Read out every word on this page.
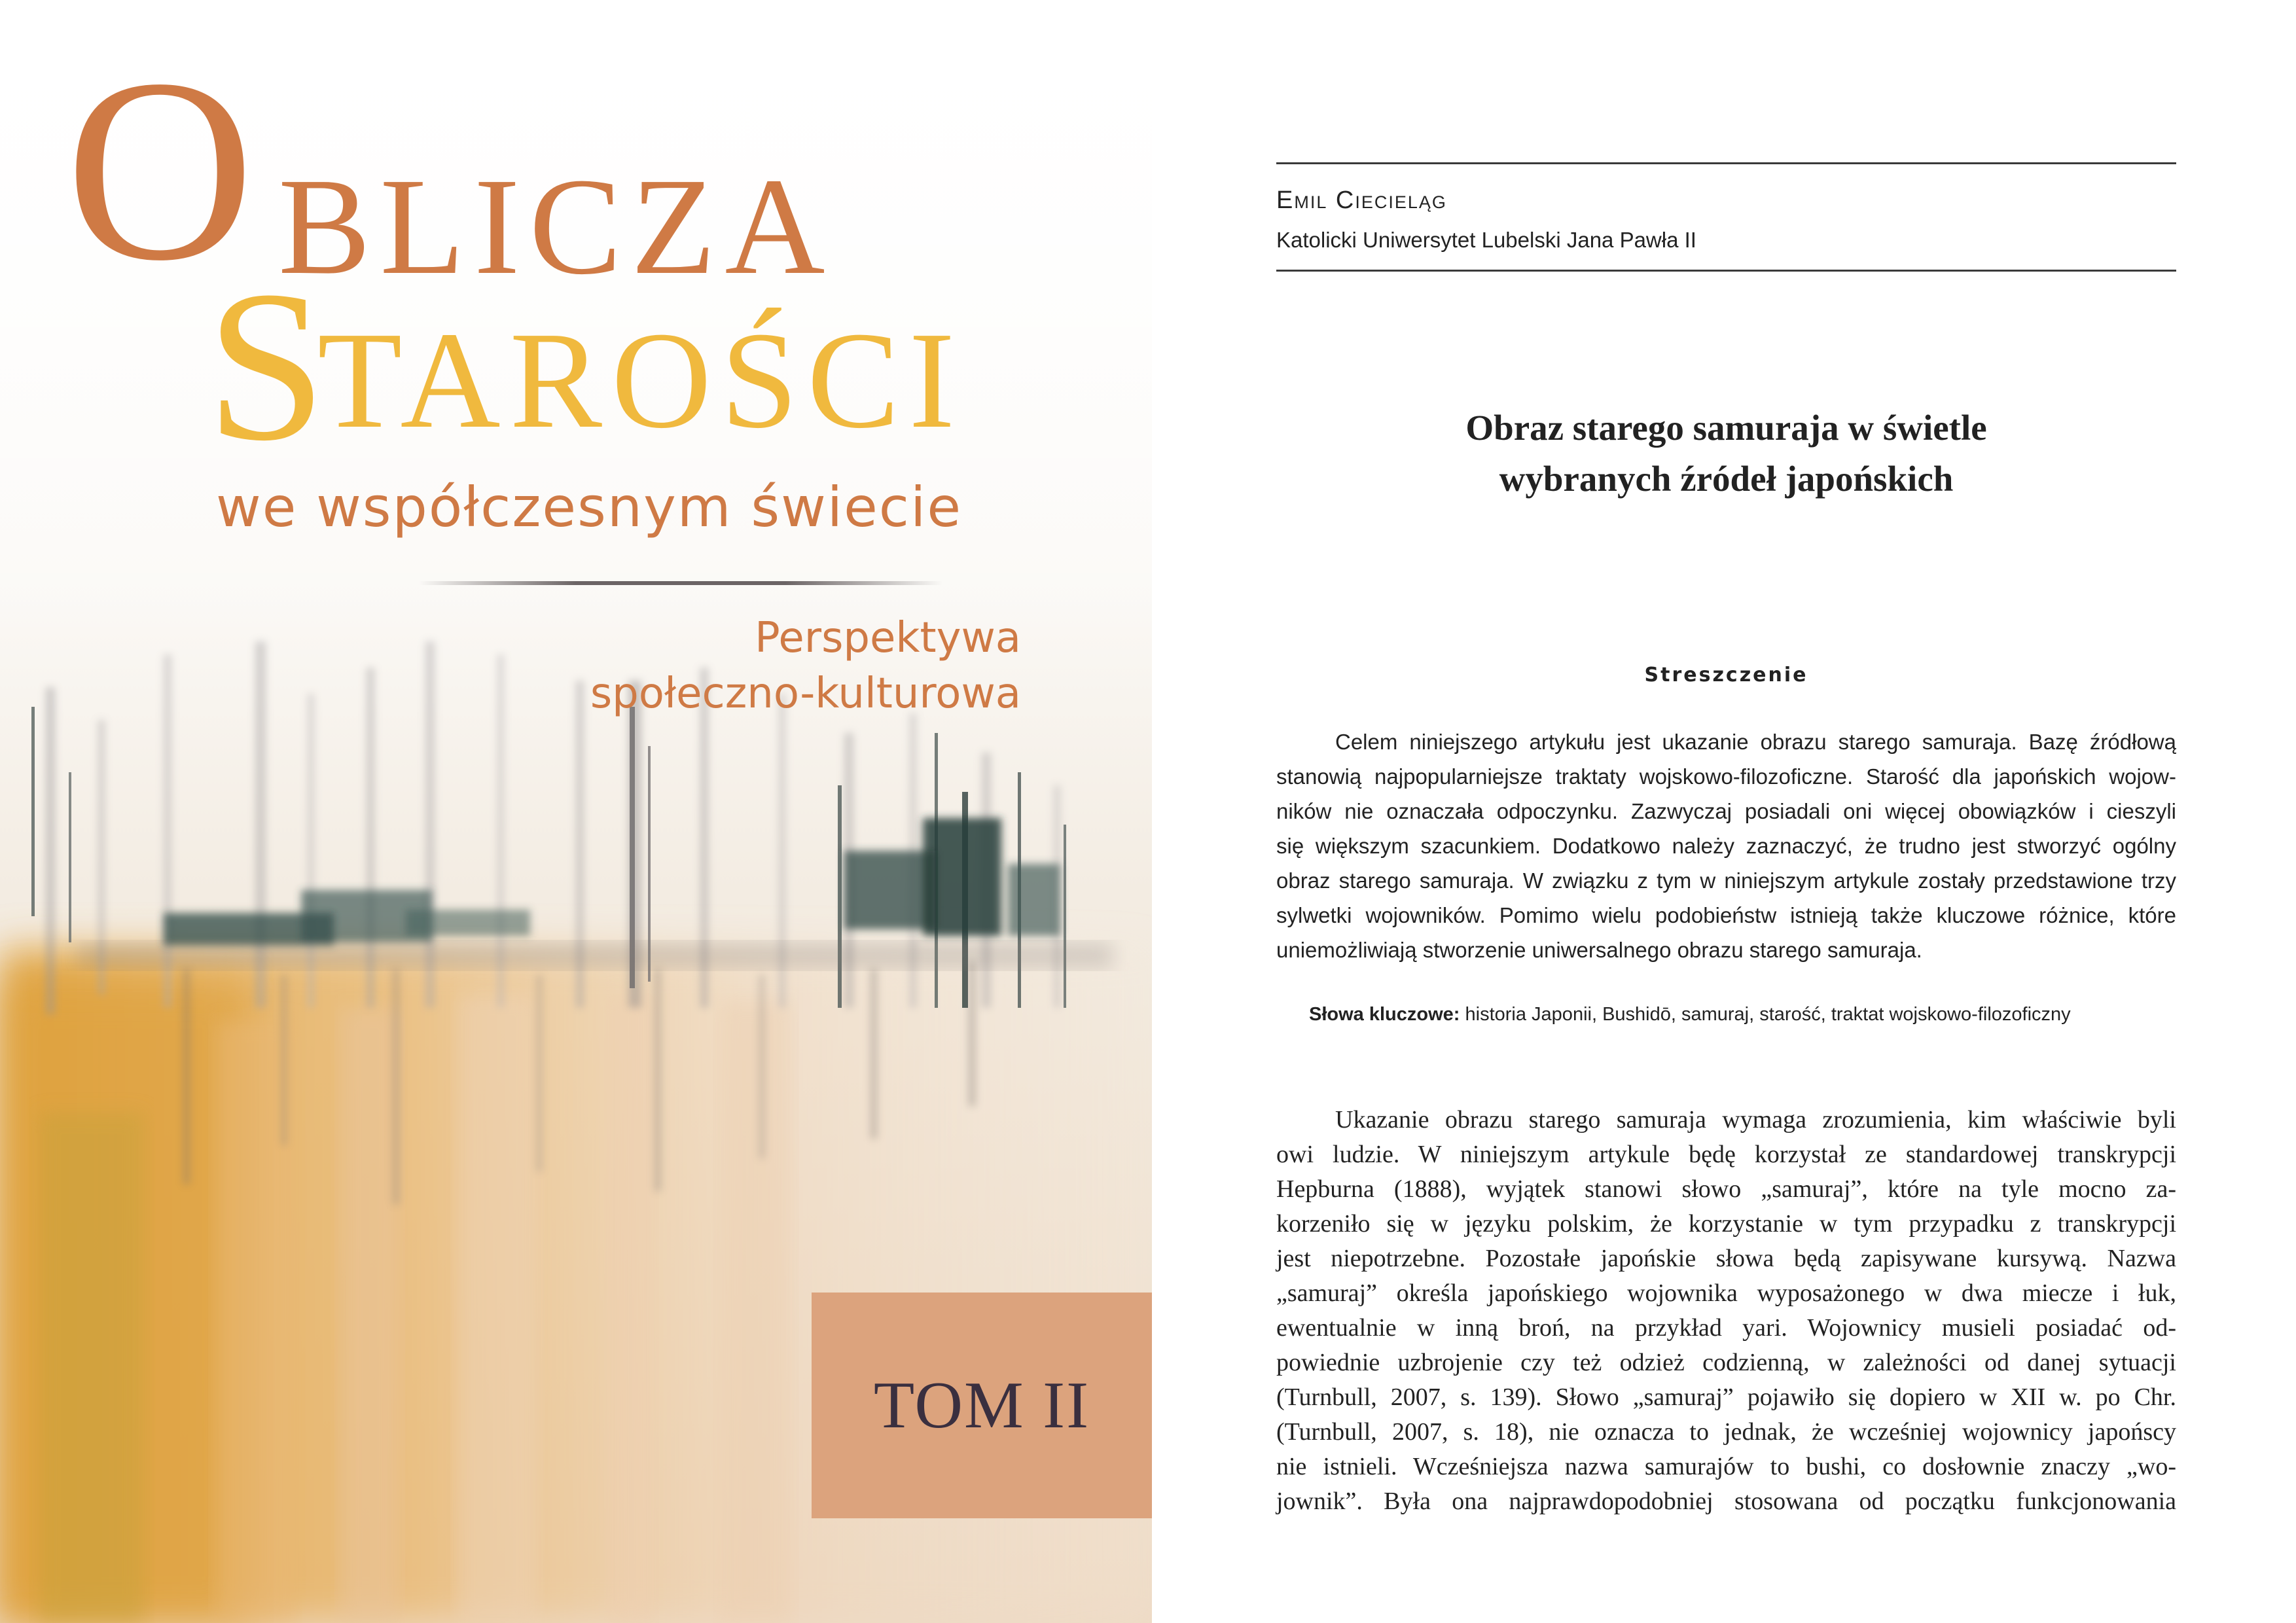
O BLICZA

S

TAROŚCI

we współczesnym świecie

Perspektywa

społeczno-kulturowa

TOM II

Emil Ciecieląg

Katolicki Uniwersytet Lubelski Jana Pawła II

Obraz starego samuraja w świetle
wybranych źródeł japońskich

Streszczenie

Celem niniejszego artykułu jest ukazanie obrazu starego samuraja. Bazę źródłową
stanowią najpopularniejsze traktaty wojskowo-filozoficzne. Starość dla japońskich wojow-
ników nie oznaczała odpoczynku. Zazwyczaj posiadali oni więcej obowiązków i cieszyli
się większym szacunkiem. Dodatkowo należy zaznaczyć, że trudno jest stworzyć ogólny
obraz starego samuraja. W związku z tym w niniejszym artykule zostały przedstawione trzy
sylwetki wojowników. Pomimo wielu podobieństw istnieją także kluczowe różnice, które
uniemożliwiają stworzenie uniwersalnego obrazu starego samuraja.

Słowa kluczowe: historia Japonii, Bushidō, samuraj, starość, traktat wojskowo-filozoficzny

Ukazanie obrazu starego samuraja wymaga zrozumienia, kim właściwie byli
owi ludzie. W niniejszym artykule będę korzystał ze standardowej transkrypcji
Hepburna (1888), wyjątek stanowi słowo „samuraj”, które na tyle mocno za-
korzeniło się w języku polskim, że korzystanie w tym przypadku z transkrypcji
jest niepotrzebne. Pozostałe japońskie słowa będą zapisywane kursywą. Nazwa
„samuraj” określa japońskiego wojownika wyposażonego w dwa miecze i łuk,
ewentualnie w inną broń, na przykład yari. Wojownicy musieli posiadać od-
powiednie uzbrojenie czy też odzież codzienną, w zależności od danej sytuacji
(Turnbull, 2007, s. 139). Słowo „samuraj” pojawiło się dopiero w XII w. po Chr.
(Turnbull, 2007, s. 18), nie oznacza to jednak, że wcześniej wojownicy japońscy
nie istnieli. Wcześniejsza nazwa samurajów to bushi, co dosłownie znaczy „wo-
jownik”. Była ona najprawdopodobniej stosowana od początku funkcjonowania
